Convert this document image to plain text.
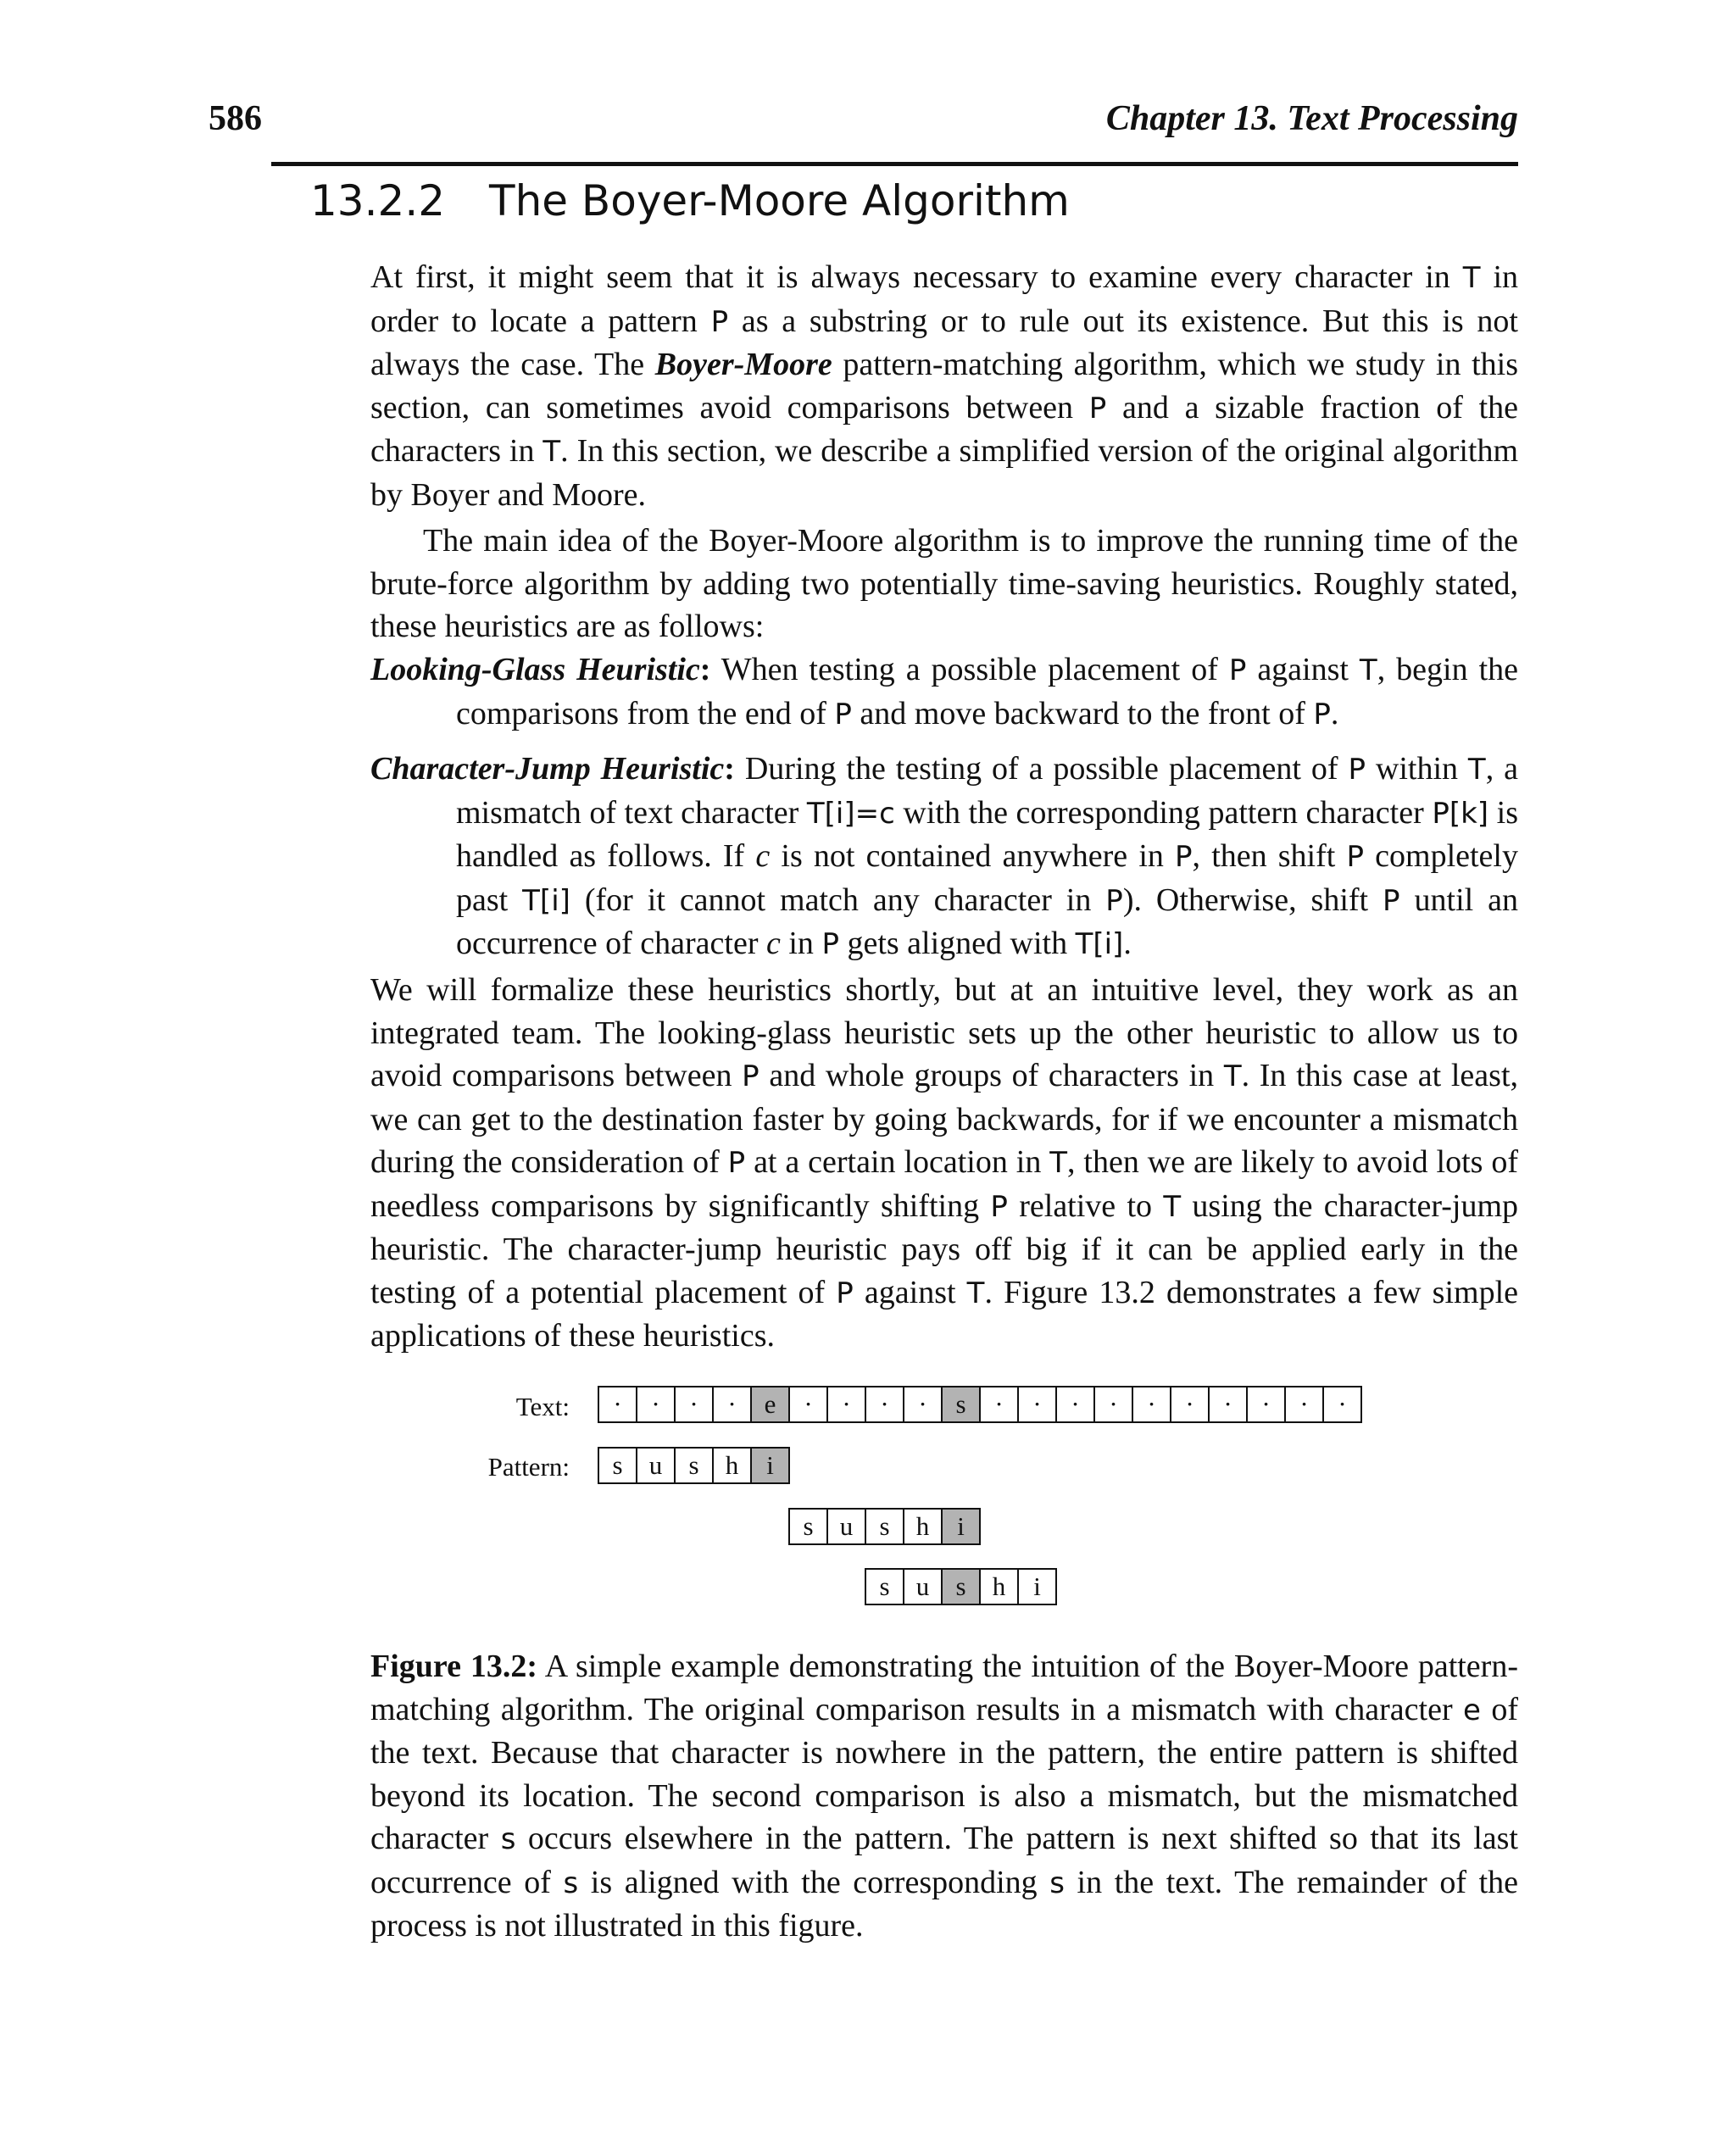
586	Chapter 13. Text Processing
13.2.2 The Boyer-Moore Algorithm

At first, it might seem that it is always necessary to examine every character in T in order to locate a pattern P as a substring or to rule out its existence. But this is not always the case. The Boyer-Moore pattern-matching algorithm, which we study in this section, can sometimes avoid comparisons between P and a sizable fraction of the characters in T. In this section, we describe a simplified version of the original algorithm by Boyer and Moore.

The main idea of the Boyer-Moore algorithm is to improve the running time of the brute-force algorithm by adding two potentially time-saving heuristics. Roughly stated, these heuristics are as follows:

Looking-Glass Heuristic: When testing a possible placement of P against T, begin the comparisons from the end of P and move backward to the front of P.

Character-Jump Heuristic: During the testing of a possible placement of P within T, a mismatch of text character T[i]=c with the corresponding pattern character P[k] is handled as follows. If c is not contained anywhere in P, then shift P completely past T[i] (for it cannot match any character in P). Otherwise, shift P until an occurrence of character c in P gets aligned with T[i].

We will formalize these heuristics shortly, but at an intuitive level, they work as an integrated team. The looking-glass heuristic sets up the other heuristic to allow us to avoid comparisons between P and whole groups of characters in T. In this case at least, we can get to the destination faster by going backwards, for if we encounter a mismatch during the consideration of P at a certain location in T, then we are likely to avoid lots of needless comparisons by significantly shifting P relative to T using the character-jump heuristic. The character-jump heuristic pays off big if it can be applied early in the testing of a potential placement of P against T. Figure 13.2 demonstrates a few simple applications of these heuristics.

Text:
Pattern:
·	·	·	·	e	·	·	·	·	s	·	·	·	·	·	·	·	·	·	·
s	u	s	h	i
s	u	s	h	i
s	u	s	h	i

Figure 13.2: A simple example demonstrating the intuition of the Boyer-Moore pattern-matching algorithm. The original comparison results in a mismatch with character e of the text. Because that character is nowhere in the pattern, the entire pattern is shifted beyond its location. The second comparison is also a mismatch, but the mismatched character s occurs elsewhere in the pattern. The pattern is next shifted so that its last occurrence of s is aligned with the corresponding s in the text. The remainder of the process is not illustrated in this figure.
